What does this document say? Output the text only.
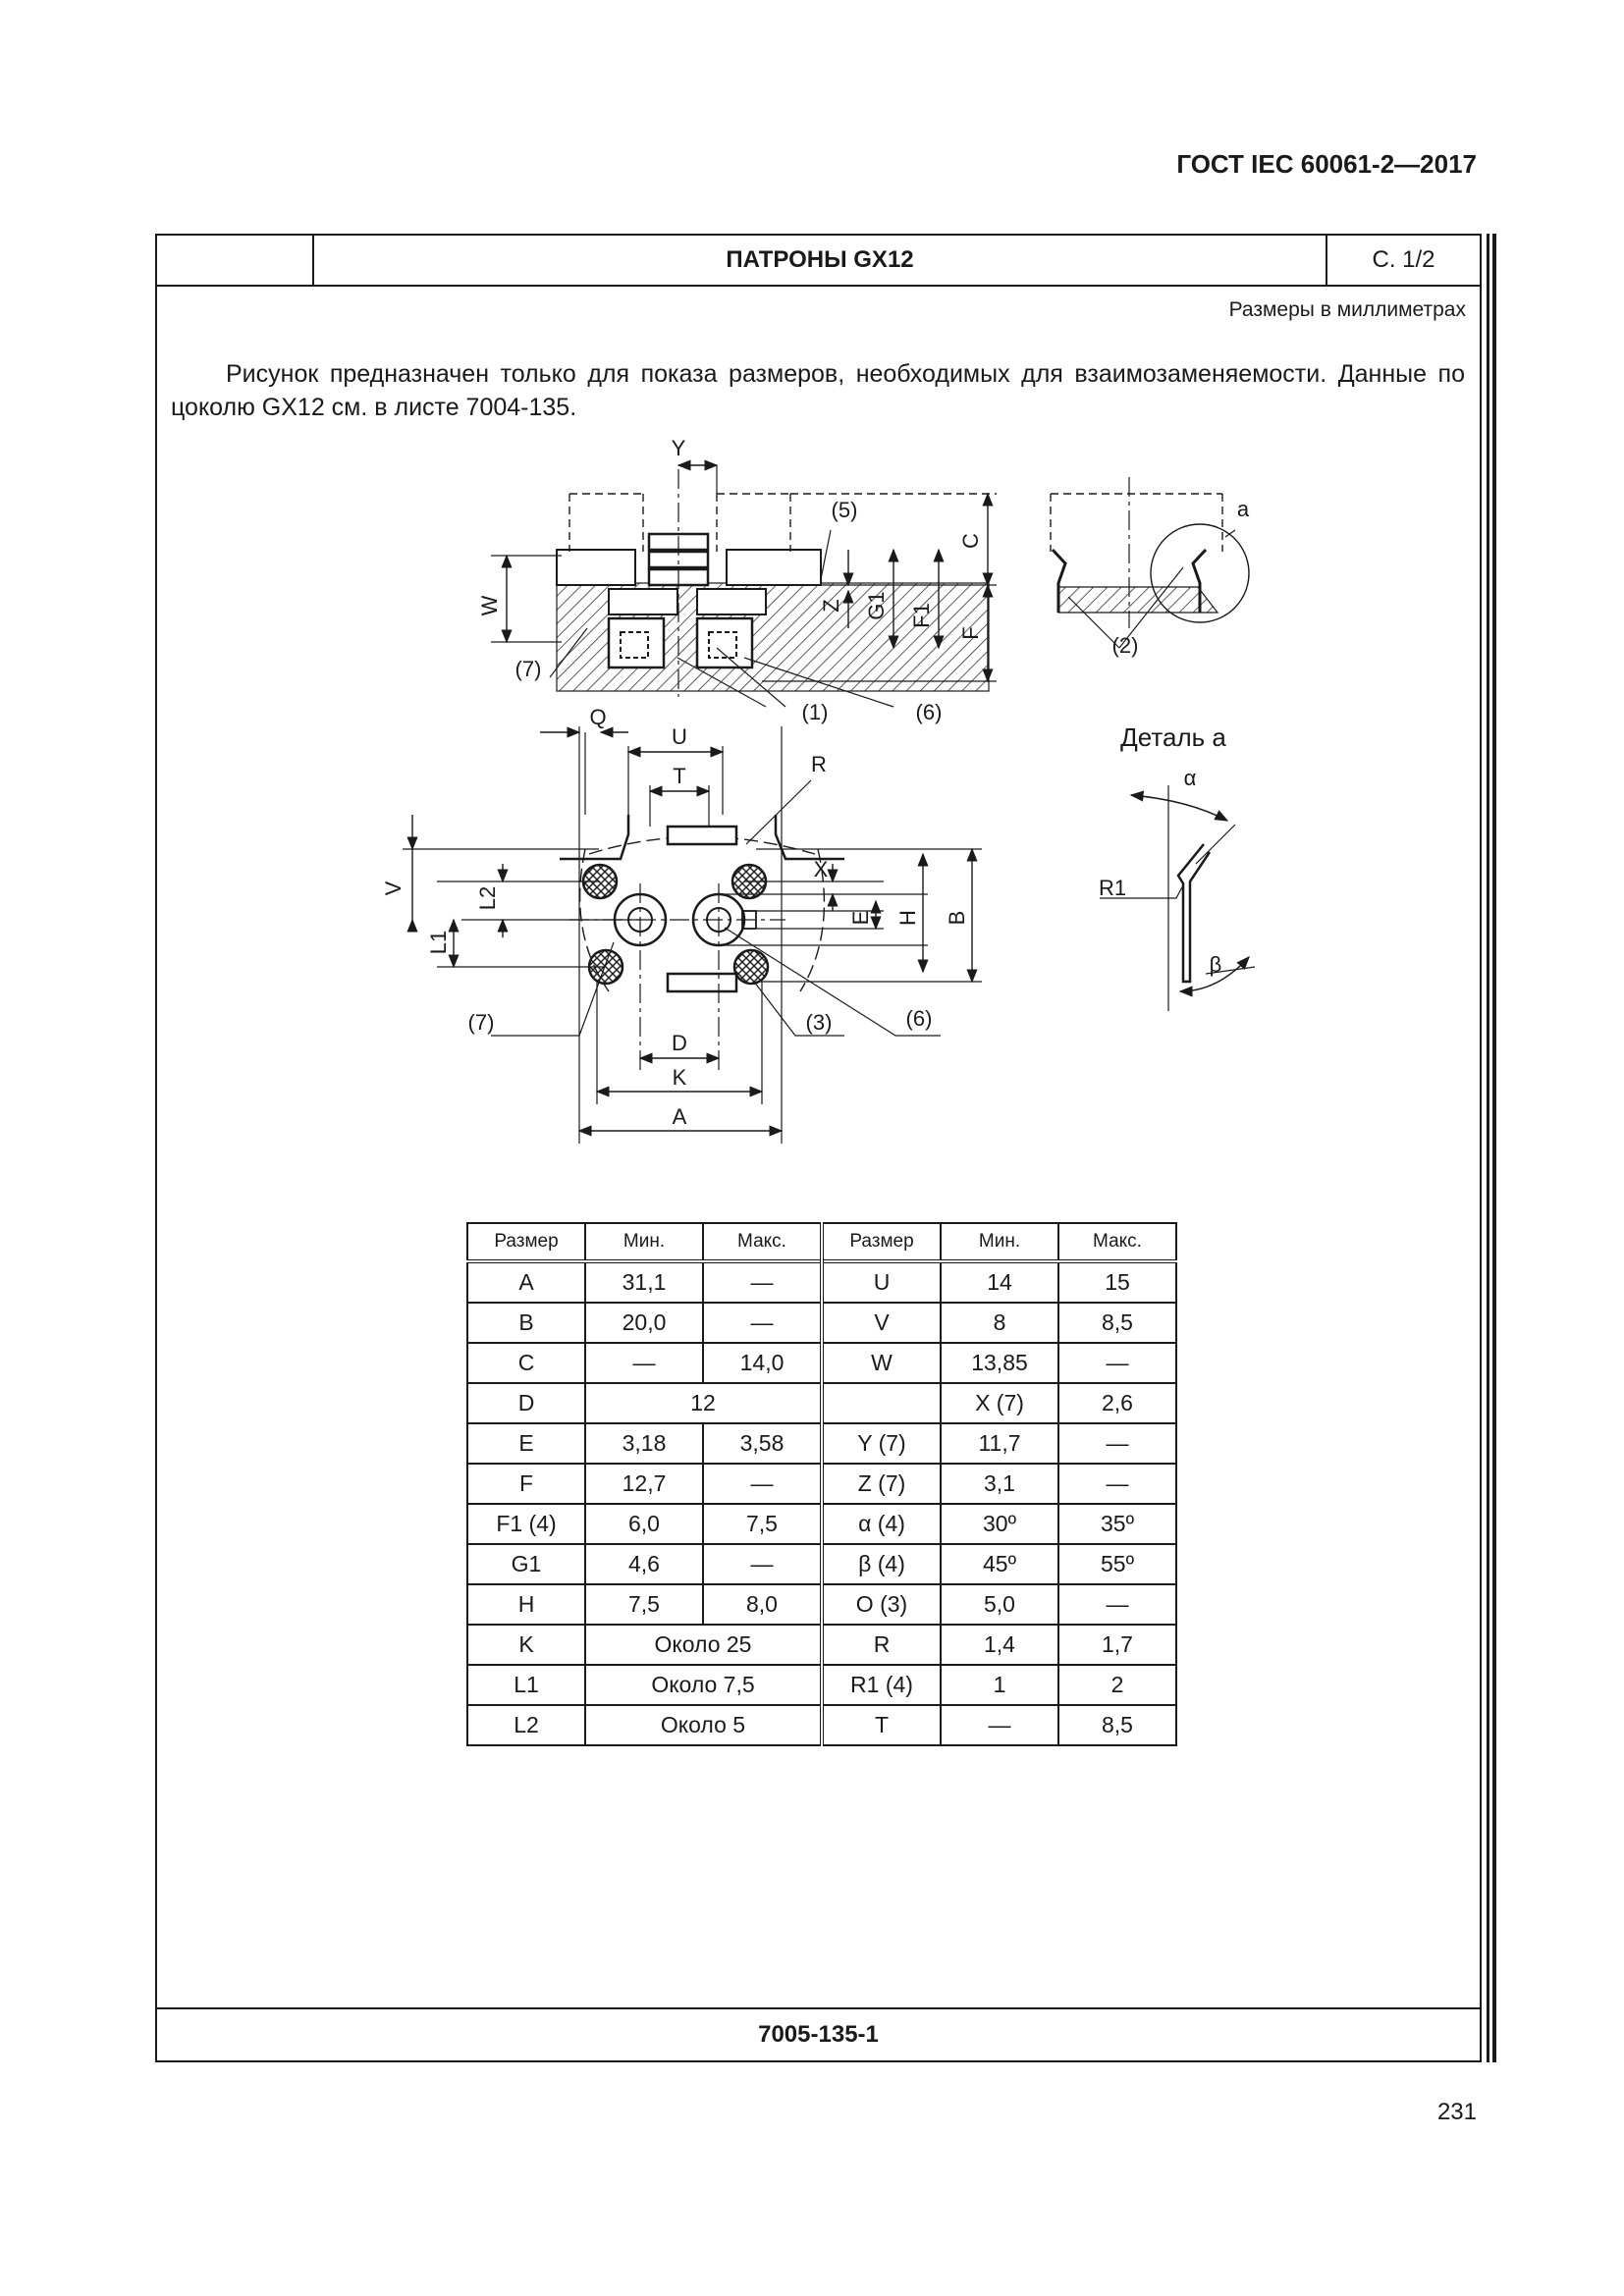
ГОСТ IEC 60061-2—2017
ПАТРОНЫ GX12	С. 1/2
Размеры в миллиметрах
Рисунок предназначен только для показа размеров, необходимых для взаимозаменяемости. Данные по цоколю GX12 см. в листе 7004-135.
7005-135-1
Y
W	Z G1 F1
F
C
(5)
(7)
(1)	(6)
a
(2)
Q
U
T	R
V
L1
L2
X
E H B
D
K
A
(7)	(3)	(6)
Деталь a
α
β
R1
Размер	Мин.	Макс.	Размер	Мин.	Макс.
A	31,1	—	U	14	15
B	20,0	—	V	8	8,5
C	—	14,0	W	13,85	—
D	12			X (7)	2,6
E	3,18	3,58	Y (7)	11,7	—
F	12,7	—	Z (7)	3,1	—
F1 (4)	6,0	7,5	α (4)	30º	35º
G1	4,6	—	β (4)	45º	55º
H	7,5	8,0	O (3)	5,0	—
K	Около 25		R	1,4	1,7
L1	Около 7,5		R1 (4)	1	2
L2	Около 5		T	—	8,5
231
